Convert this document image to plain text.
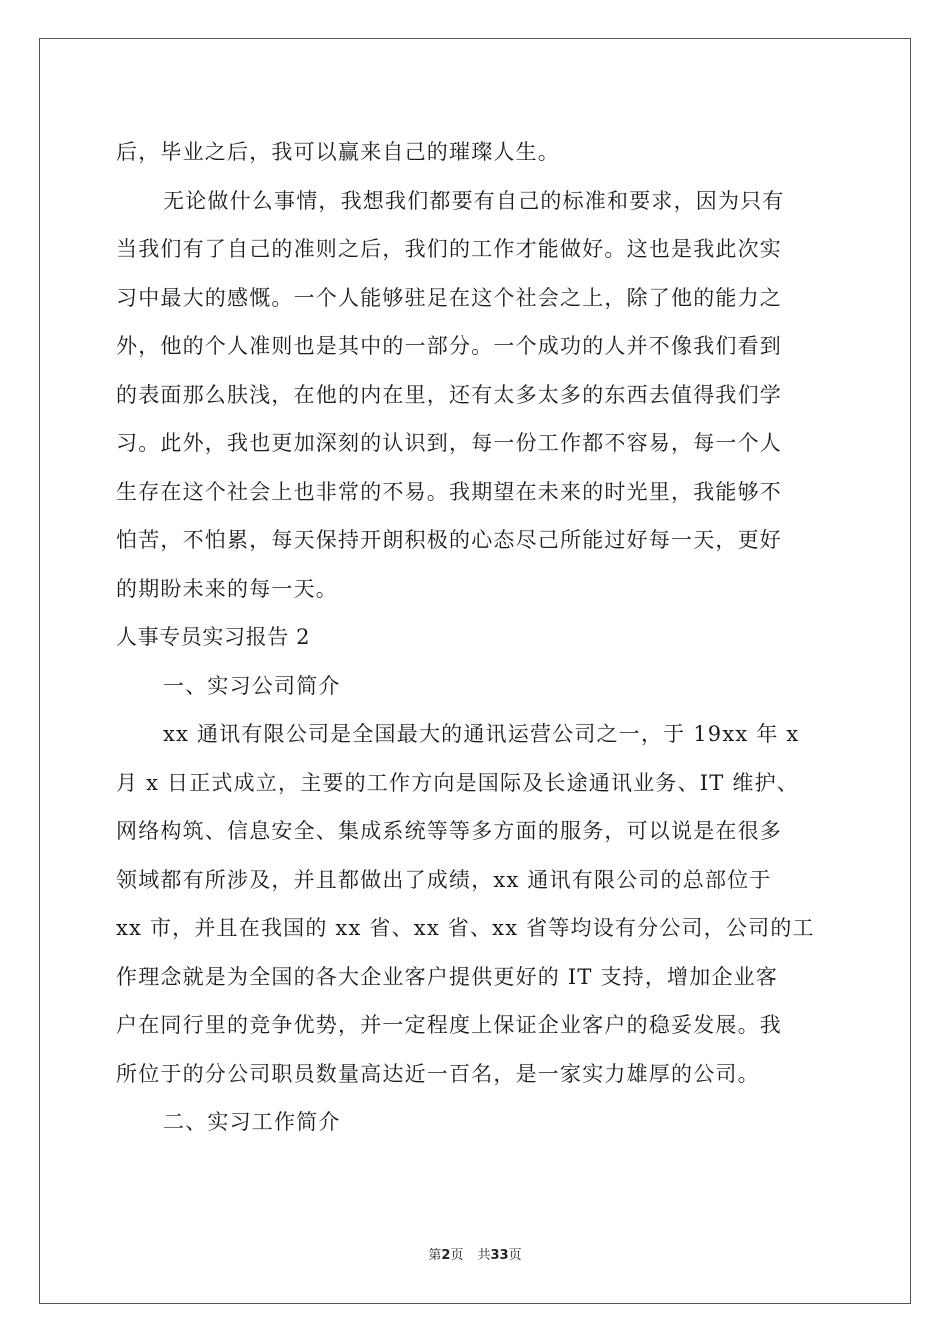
后，毕业之后，我可以赢来自己的璀璨人生。
无论做什么事情，我想我们都要有自己的标准和要求，因为只有
当我们有了自己的准则之后，我们的工作才能做好。这也是我此次实
习中最大的感慨。一个人能够驻足在这个社会之上，除了他的能力之
外，他的个人准则也是其中的一部分。一个成功的人并不像我们看到
的表面那么肤浅，在他的内在里，还有太多太多的东西去值得我们学
习。此外，我也更加深刻的认识到，每一份工作都不容易，每一个人
生存在这个社会上也非常的不易。我期望在未来的时光里，我能够不
怕苦，不怕累，每天保持开朗积极的心态尽己所能过好每一天，更好
的期盼未来的每一天。
人事专员实习报告 2
一、实习公司简介
xx 通讯有限公司是全国最大的通讯运营公司之一，于 19xx 年 x
月 x 日正式成立，主要的工作方向是国际及长途通讯业务、IT 维护、
网络构筑、信息安全、集成系统等等多方面的服务，可以说是在很多
领域都有所涉及，并且都做出了成绩，xx 通讯有限公司的总部位于
xx 市，并且在我国的 xx 省、xx 省、xx 省等均设有分公司，公司的工
作理念就是为全国的各大企业客户提供更好的 IT 支持，增加企业客
户在同行里的竞争优势，并一定程度上保证企业客户的稳妥发展。我
所位于的分公司职员数量高达近一百名，是一家实力雄厚的公司。
二、实习工作简介
第2页 共33页
